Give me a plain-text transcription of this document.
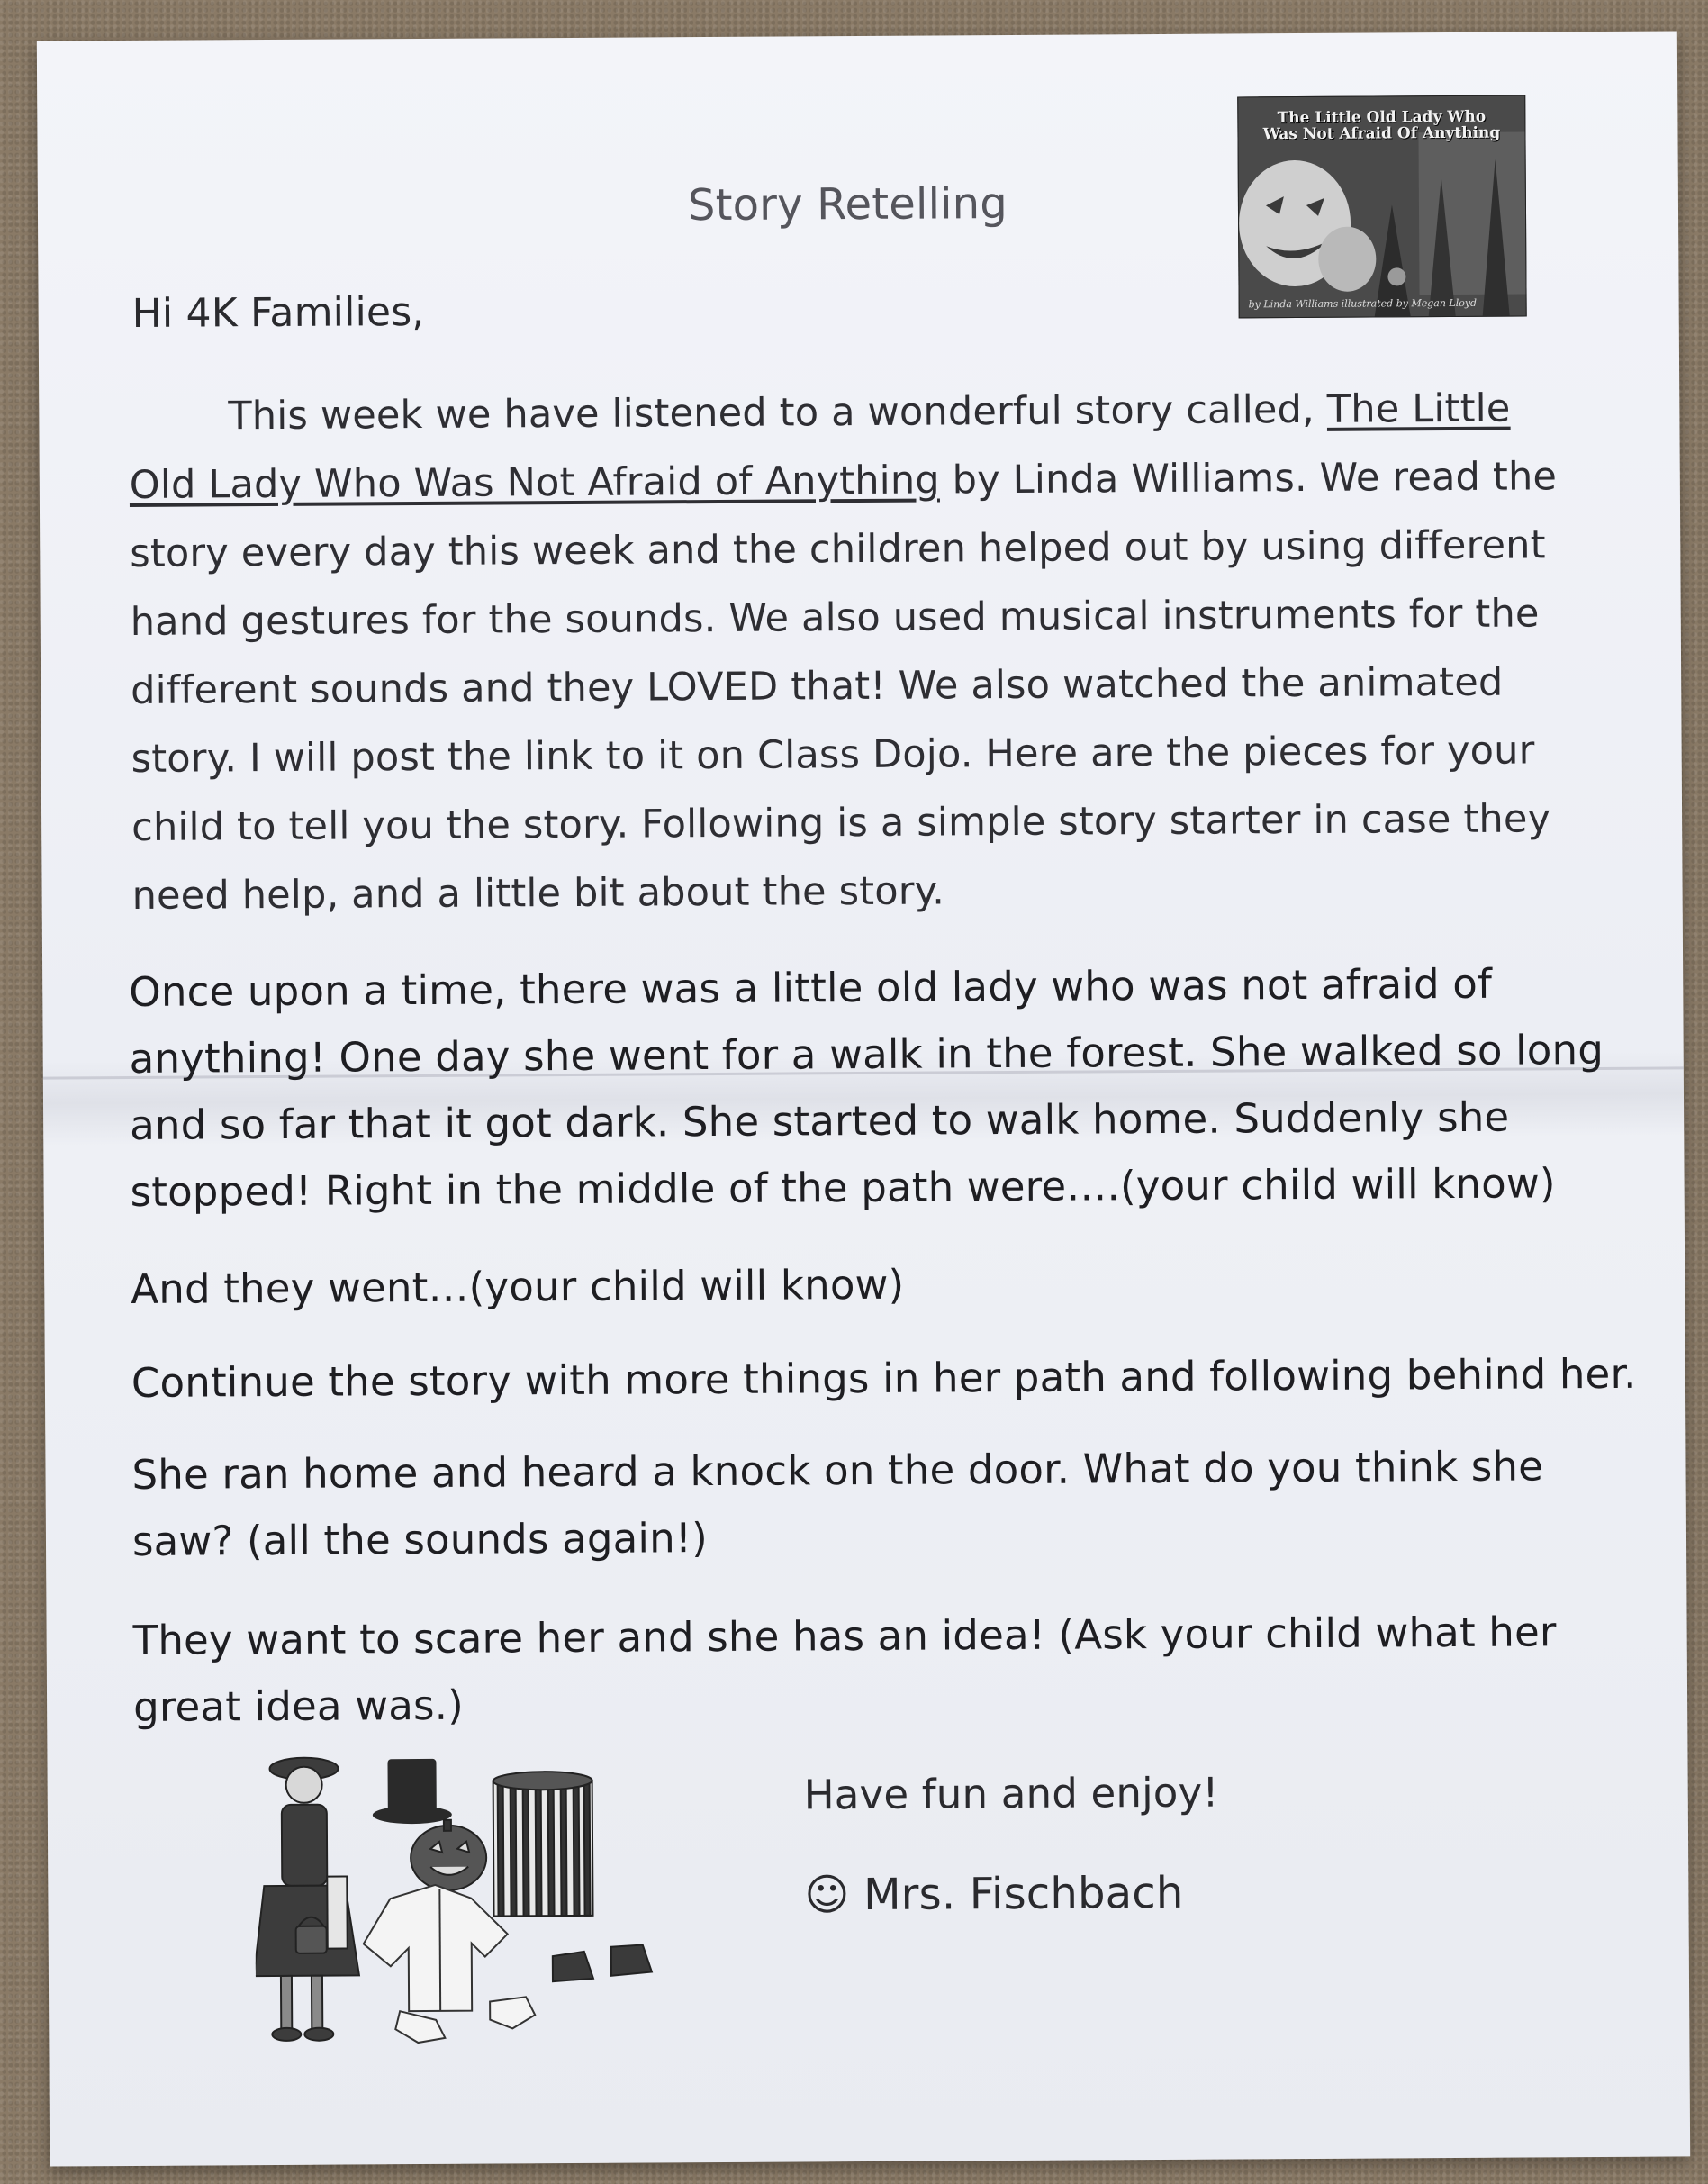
Story Retelling
The Little Old Lady Who
Was Not Afraid Of Anything
by Linda Williams illustrated by Megan Lloyd
Hi 4K Families,
This week we have listened to a wonderful story called, The Little Old Lady Who Was Not Afraid of Anything by Linda Williams. We read the story every day this week and the children helped out by using different hand gestures for the sounds. We also used musical instruments for the different sounds and they LOVED that! We also watched the animated story. I will post the link to it on Class Dojo. Here are the pieces for your child to tell you the story. Following is a simple story starter in case they need help, and a little bit about the story.
Once upon a time, there was a little old lady who was not afraid of anything! One day she went for a walk in the forest. She walked so long and so far that it got dark. She started to walk home. Suddenly she stopped! Right in the middle of the path were….(your child will know)
And they went…(your child will know)
Continue the story with more things in her path and following behind her.
She ran home and heard a knock on the door. What do you think she saw? (all the sounds again!)
They want to scare her and she has an idea! (Ask your child what her great idea was.)
Have fun and enjoy!
☺ Mrs. Fischbach
